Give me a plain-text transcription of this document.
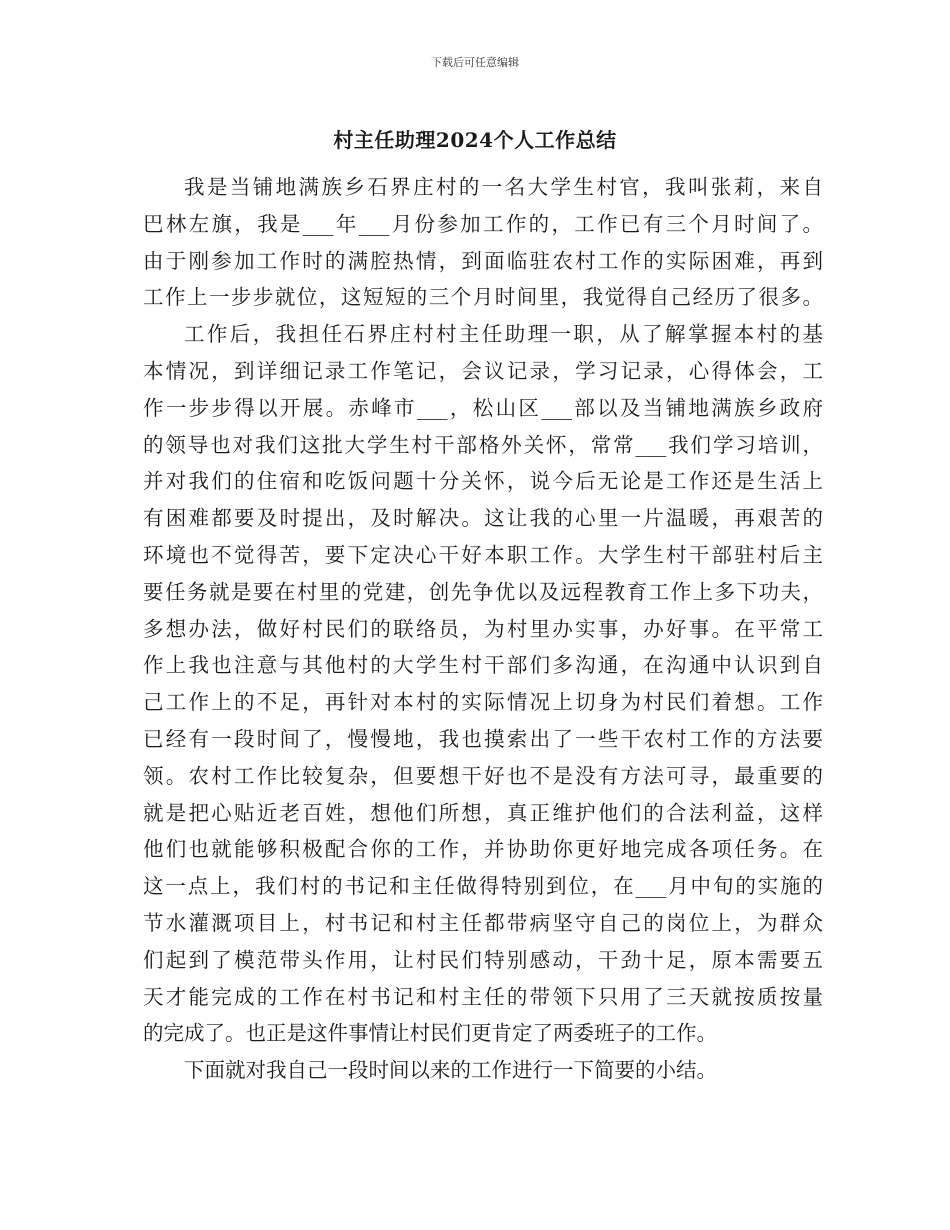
下载后可任意编辑
村主任助理2024个人工作总结
我是当铺地满族乡石界庄村的一名大学生村官，我叫张莉，来自
巴林左旗，我是___年___月份参加工作的，工作已有三个月时间了。
由于刚参加工作时的满腔热情，到面临驻农村工作的实际困难，再到
工作上一步步就位，这短短的三个月时间里，我觉得自己经历了很多。
工作后，我担任石界庄村村主任助理一职，从了解掌握本村的基
本情况，到详细记录工作笔记，会议记录，学习记录，心得体会，工
作一步步得以开展。赤峰市___，松山区___部以及当铺地满族乡政府
的领导也对我们这批大学生村干部格外关怀，常常___我们学习培训，
并对我们的住宿和吃饭问题十分关怀，说今后无论是工作还是生活上
有困难都要及时提出，及时解决。这让我的心里一片温暖，再艰苦的
环境也不觉得苦，要下定决心干好本职工作。大学生村干部驻村后主
要任务就是要在村里的党建，创先争优以及远程教育工作上多下功夫，
多想办法，做好村民们的联络员，为村里办实事，办好事。在平常工
作上我也注意与其他村的大学生村干部们多沟通，在沟通中认识到自
己工作上的不足，再针对本村的实际情况上切身为村民们着想。工作
已经有一段时间了，慢慢地，我也摸索出了一些干农村工作的方法要
领。农村工作比较复杂，但要想干好也不是没有方法可寻，最重要的
就是把心贴近老百姓，想他们所想，真正维护他们的合法利益，这样
他们也就能够积极配合你的工作，并协助你更好地完成各项任务。在
这一点上，我们村的书记和主任做得特别到位，在___月中旬的实施的
节水灌溉项目上，村书记和村主任都带病坚守自己的岗位上，为群众
们起到了模范带头作用，让村民们特别感动，干劲十足，原本需要五
天才能完成的工作在村书记和村主任的带领下只用了三天就按质按量
的完成了。也正是这件事情让村民们更肯定了两委班子的工作。
下面就对我自己一段时间以来的工作进行一下简要的小结。
